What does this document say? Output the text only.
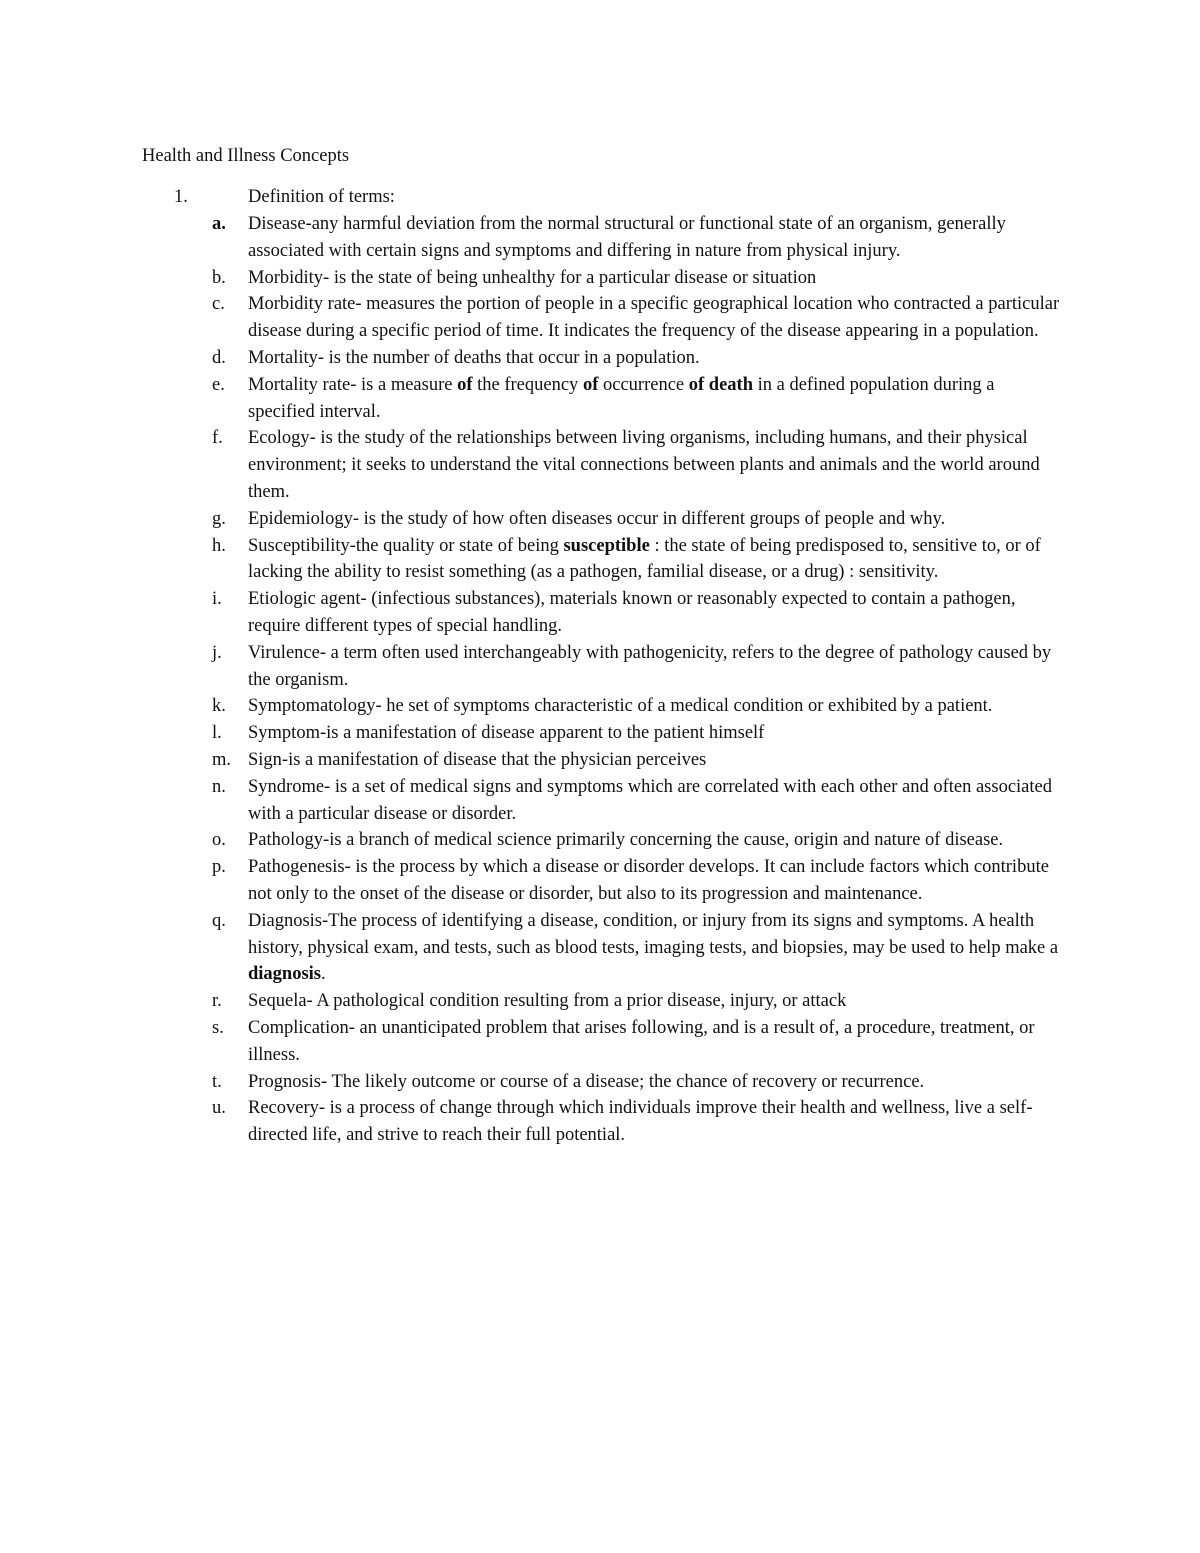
Health and Illness Concepts
1.	Definition of terms:
a. Disease-any harmful deviation from the normal structural or functional state of an organism, generally associated with certain signs and symptoms and differing in nature from physical injury.
b. Morbidity- is the state of being unhealthy for a particular disease or situation
c. Morbidity rate- measures the portion of people in a specific geographical location who contracted a particular disease during a specific period of time. It indicates the frequency of the disease appearing in a population.
d. Mortality- is the number of deaths that occur in a population.
e. Mortality rate- is a measure of the frequency of occurrence of death in a defined population during a specified interval.
f. Ecology- is the study of the relationships between living organisms, including humans, and their physical environment; it seeks to understand the vital connections between plants and animals and the world around them.
g. Epidemiology- is the study of how often diseases occur in different groups of people and why.
h. Susceptibility-the quality or state of being susceptible : the state of being predisposed to, sensitive to, or of lacking the ability to resist something (as a pathogen, familial disease, or a drug) : sensitivity.
i. Etiologic agent- (infectious substances), materials known or reasonably expected to contain a pathogen, require different types of special handling.
j. Virulence- a term often used interchangeably with pathogenicity, refers to the degree of pathology caused by the organism.
k. Symptomatology- he set of symptoms characteristic of a medical condition or exhibited by a patient.
l. Symptom-is a manifestation of disease apparent to the patient himself
m. Sign-is a manifestation of disease that the physician perceives
n. Syndrome- is a set of medical signs and symptoms which are correlated with each other and often associated with a particular disease or disorder.
o. Pathology-is a branch of medical science primarily concerning the cause, origin and nature of disease.
p. Pathogenesis- is the process by which a disease or disorder develops. It can include factors which contribute not only to the onset of the disease or disorder, but also to its progression and maintenance.
q. Diagnosis-The process of identifying a disease, condition, or injury from its signs and symptoms. A health history, physical exam, and tests, such as blood tests, imaging tests, and biopsies, may be used to help make a diagnosis.
r. Sequela- A pathological condition resulting from a prior disease, injury, or attack
s. Complication- an unanticipated problem that arises following, and is a result of, a procedure, treatment, or illness.
t. Prognosis- The likely outcome or course of a disease; the chance of recovery or recurrence.
u. Recovery- is a process of change through which individuals improve their health and wellness, live a self-directed life, and strive to reach their full potential.
